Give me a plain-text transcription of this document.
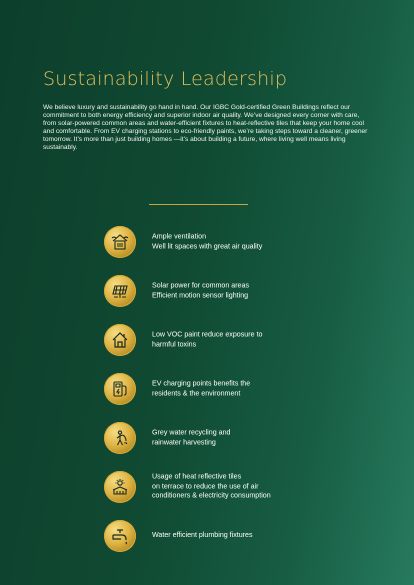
Sustainability Leadership

We believe luxury and sustainability go hand in hand. Our IGBC Gold-certified Green Buildings reflect our commitment to both energy efficiency and superior indoor air quality. We’ve designed every corner with care, from solar-powered common areas and water-efficient fixtures to heat-reflective tiles that keep your home cool and comfortable. From EV charging stations to eco-friendly paints, we’re taking steps toward a cleaner, greener tomorrow. It’s more than just building homes —it’s about building a future, where living well means living sustainably.

Ample ventilation
Well lit spaces with great air quality
Solar power for common areas
Efficient motion sensor lighting
Low VOC paint reduce exposure to
harmful toxins
EV charging points benefits the
residents & the environment
Grey water recycling and
rainwater harvesting
Usage of heat reflective tiles
on terrace to reduce the use of air
conditioners & electricity consumption
Water efficient plumbing fixtures
